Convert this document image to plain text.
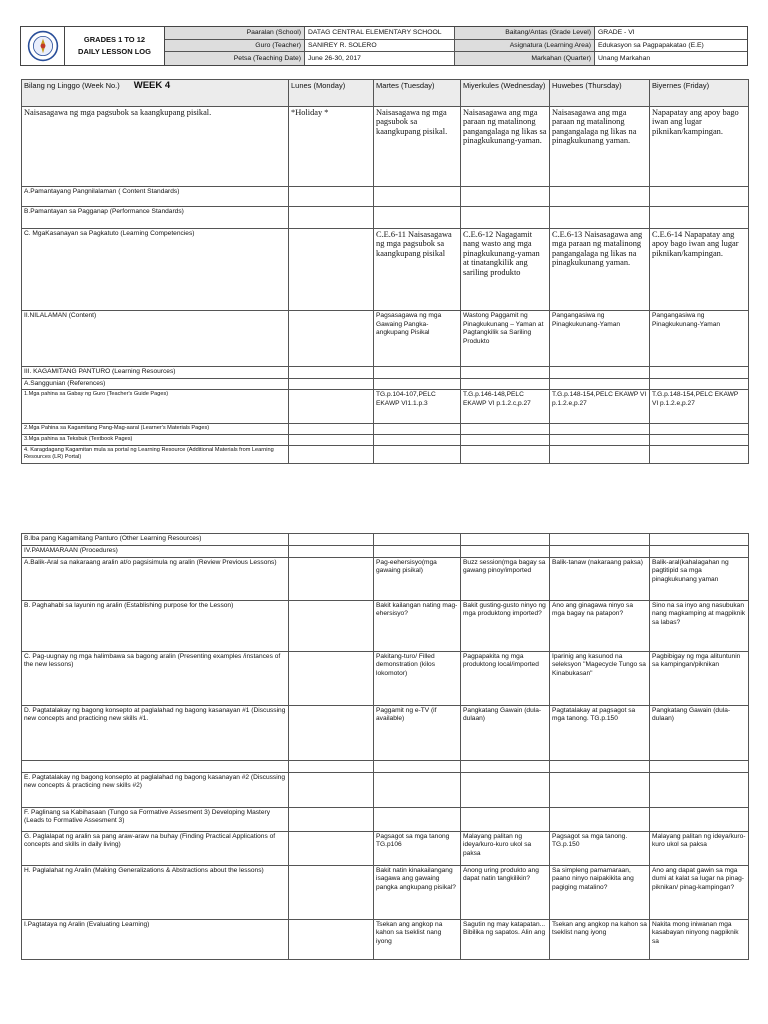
GRADES 1 TO 12
DAILY LESSON LOG
Paaralan (School)	DATAG CENTRAL ELEMENTARY SCHOOL	Baitang/Antas (Grade Level)	GRADE - VI
Guro (Teacher)	SANIREY R. SOLERO	Asignatura (Learning Area)	Edukasyon sa Pagpapakatao (E.E)
Petsa (Teaching Date)	June 26-30, 2017	Markahan (Quarter)	Unang Markahan
Bilang ng Linggo (Week No.) WEEK 4	Lunes (Monday)	Martes (Tuesday)	Miyerkules (Wednesday)	Huwebes (Thursday)	Biyernes (Friday)
Naisasagawa ng mga pagsubok sa kaangkupang pisikal.	*Holiday *	Naisasagawa ng mga pagsubok sa kaangkupang pisikal.	Naisasagawa ang mga paraan ng matalinong pangangalaga ng likas sa pinagkukunang-yaman.	Naisasagawa ang mga paraan ng matalinong pangangalaga ng likas na pinagkukunang yaman.	Napapatay ang apoy bago iwan ang lugar piknikan/kampingan.
A.Pamantayang Pangnilalaman ( Content Standards)					
B.Pamantayan sa Pagganap (Performance Standards)					
C. MgaKasanayan sa Pagkatuto (Learning Competencies)		C.E.6-11 Naisasagawa ng mga pagsubok sa kaangkupang pisikal	C.E.6-12 Nagagamit nang wasto ang mga pinagkukunang-yaman at tinatangkilik ang sariling produkto	C.E.6-13 Naisasagawa ang mga paraan ng matalinong pangangalaga ng likas na pinagkukunang yaman.	C.E.6-14 Napapatay ang apoy bago iwan ang lugar piknikan/kampingan.
II.NILALAMAN (Content)		Pagsasagawa ng mga Gawaing Pangka-angkupang Pisikal	Wastong Paggamit ng Pinagkukunang – Yaman at Pagtangkilik sa Sariling Produkto	Pangangasiwa ng Pinagkukunang-Yaman	Pangangasiwa ng Pinagkukunang-Yaman
III. KAGAMITANG PANTURO (Learning Resources)					
A.Sanggunian (References)					
1.Mga pahina sa Gabay ng Guro (Teacher's Guide Pages)		TG.p.104-107,PELC EKAWP VI1.1.p.3	T.G.p.146-148,PELC EKAWP VI p.1.2.c,p.27	T.G.p.148-154,PELC EKAWP VI p.1.2.e,p.27	T.G.p.148-154,PELC EKAWP VI p.1.2.e,p.27
2.Mga Pahina sa Kagamitang Pang-Mag-aaral (Learner's Materials Pages)					
3.Mga pahina sa Teksbuk (Textbook Pages)					
4. Karagdagang Kagamitan mula sa portal ng Learning Resource (Additional Materials from Learning Resources (LR) Portal)					
B.Iba pang Kagamitang Panturo (Other Learning Resources)					
IV.PAMAMARAAN (Procedures)					
A.Balik-Aral sa nakaraang aralin at/o pagsisimula ng aralin (Review Previous Lessons)		Pag-eehersisyo(mga gawaing pisikal)	Buzz session(mga bagay sa gawang pinoy/imported	Balik-tanaw (nakaraang paksa)	Balik-aral(kahalagahan ng pagtitipid sa mga pinagkukunang yaman
B. Paghahabi sa layunin ng aralin (Establishing purpose for the Lesson)		Bakit kailangan nating mag-ehersisyo?	Bakit gusting-gusto ninyo ng mga produktong imported?	Ano ang ginagawa ninyo sa mga bagay na patapon?	Sino na sa inyo ang nasubukan nang magkamping at magpiknik sa labas?
C. Pag-uugnay ng mga halimbawa sa bagong aralin (Presenting examples /instances of the new lessons)		Pakitang-turo/ Filled demonstration (kilos lokomotor)	Pagpapakita ng mga produktong local/imported	Iparinig ang kasunod na seleksyon "Magecycle Tungo sa Kinabukasan"	Pagbibigay ng mga alituntunin sa kampingan/piknikan
D. Pagtatalakay ng bagong konsepto at paglalahad ng bagong kasanayan #1 (Discussing new concepts and practicing new skills #1.		Paggamit ng e-TV (if available)	Pangkatang Gawain (dula-dulaan)	Pagtatalakay at pagsagot sa mga tanong. TG.p.150	Pangkatang Gawain (dula-dulaan)

E. Pagtatalakay ng bagong konsepto at paglalahad ng bagong kasanayan #2 (Discussing new concepts & practicing new skills #2)					
F. Paglinang sa Kabihasaan (Tungo sa Formative Assesment 3) Developing Mastery (Leads to Formative Assesment 3)					
G. Paglalapat ng aralin sa pang araw-araw na buhay (Finding Practical Applications of concepts and skills in daily living)		Pagsagot sa mga tanong TG.p106	Malayang palitan ng ideya/kuro-kuro ukol sa paksa	Pagsagot sa mga tanong. TG.p.150	Malayang palitan ng ideya/kuro-kuro ukol sa paksa
H. Paglalahat ng Aralin (Making Generalizations & Abstractions about the lessons)		Bakit natin kinakailangang isagawa ang gawaing pangka angkupang pisikal?	Anong uring produkto ang dapat natin tangkilikin?	Sa simpleng pamamaraan, paano ninyo naipakikita ang pagiging matalino?	Ano ang dapat gawin sa mga dumi at kalat sa lugar na pinag-piknikan/ pinag-kampingan?
I.Pagtataya ng Aralin (Evaluating Learning)		Tsekan ang angkop na kahon sa tseklist nang iyong	Sagutin ng may katapatan... Bibilika ng sapatos. Alin ang	Tsekan ang angkop na kahon sa tseklist nang iyong	Nakita mong iniwanan mga kasabayan ninyong nagpiknik sa
